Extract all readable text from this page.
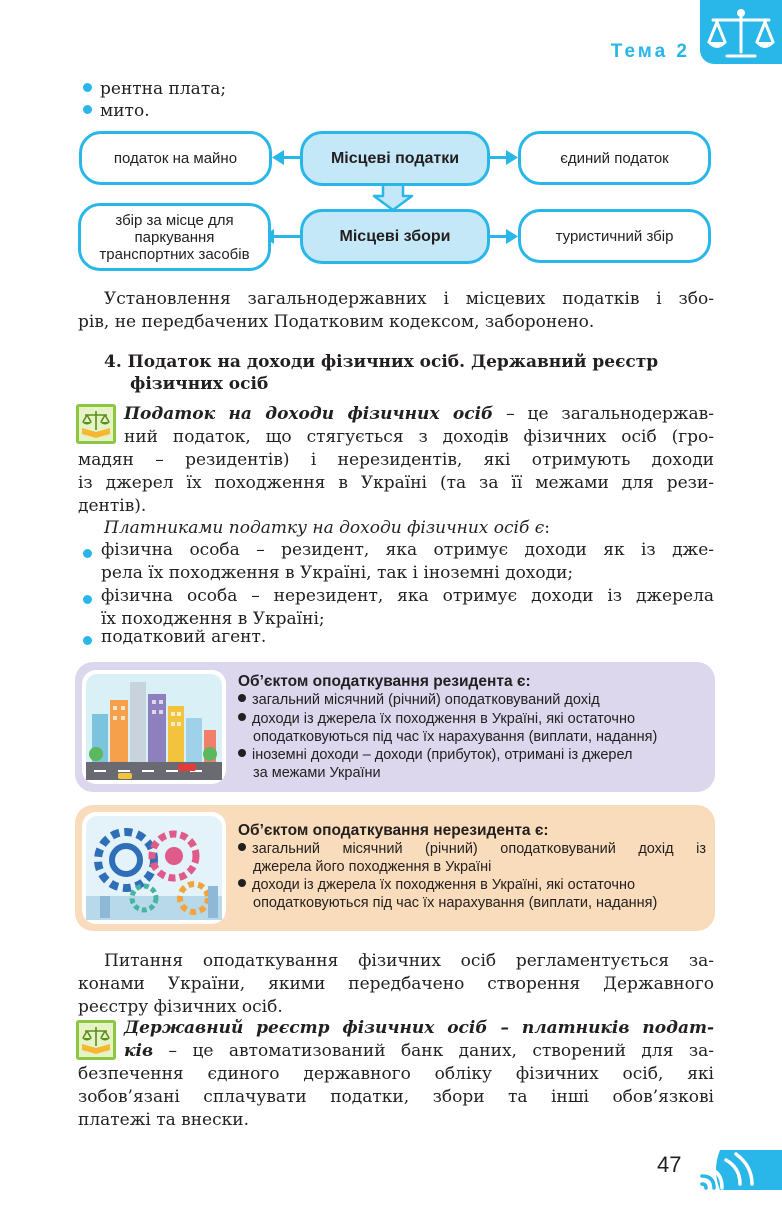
Тема 2
рентна плата;
мито.
податок на майно	Місцеві податки	єдиний податок
збір за місце для
паркування
транспортних засобів
Місцеві збори	туристичний збір
Установлення загальнодержавних і місцевих податків і збо-
рів, не передбачених Податковим кодексом, заборонено.
4. Податок на доходи фізичних осіб. Державний реєстр
фізичних осіб
Податок на доходи фізичних осіб – це загальнодержав-
ний податок, що стягується з доходів фізичних осіб (гро-
мадян – резидентів) і нерезидентів, які отримують доходи
із джерел їх походження в Україні (та за її межами для рези-
дентів).
Платниками податку на доходи фізичних осіб є:
фізична особа – резидент, яка отримує доходи як із дже-
рела їх походження в Україні, так і іноземні доходи;
фізична особа – нерезидент, яка отримує доходи із джерела
їх походження в Україні;
податковий агент.
Об’єктом оподаткування резидента є:
загальний місячний (річний) оподатковуваний дохід
доходи із джерела їх походження в Україні, які остаточно
оподатковуються під час їх нарахування (виплати, надання)
іноземні доходи – доходи (прибуток), отримані із джерел
за межами України
Об’єктом оподаткування нерезидента є:
загальний місячний (річний) оподатковуваний дохід із
джерела його походження в Україні
доходи із джерела їх походження в Україні, які остаточно
оподатковуються під час їх нарахування (виплати, надання)
Питання оподаткування фізичних осіб регламентується за-
конами України, якими передбачено створення Державного
реєстру фізичних осіб.
Державний реєстр фізичних осіб – платників подат-
ків – це автоматизований банк даних, створений для за-
безпечення єдиного державного обліку фізичних осіб, які
зобов’язані сплачувати податки, збори та інші обов’язкові
платежі та внески.
47
